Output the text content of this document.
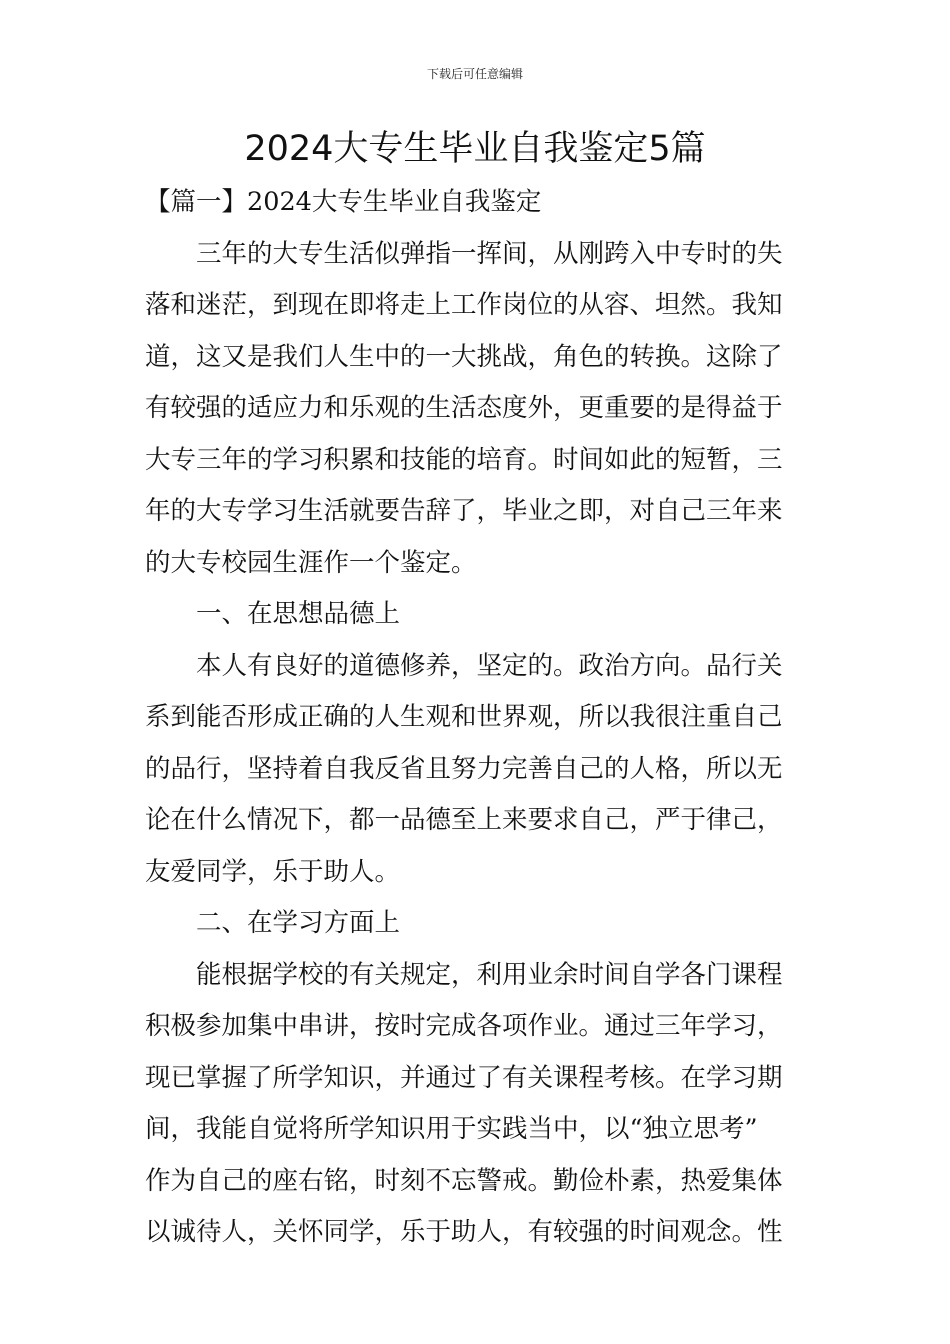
下载后可任意编辑
2024大专生毕业自我鉴定5篇
【篇一】2024大专生毕业自我鉴定
三年的大专生活似弹指一挥间，从刚跨入中专时的失
落和迷茫，到现在即将走上工作岗位的从容、坦然。我知
道，这又是我们人生中的一大挑战，角色的转换。这除了
有较强的适应力和乐观的生活态度外，更重要的是得益于
大专三年的学习积累和技能的培育。时间如此的短暂，三
年的大专学习生活就要告辞了，毕业之即，对自己三年来
的大专校园生涯作一个鉴定。
一、在思想品德上
本人有良好的道德修养，坚定的。政治方向。品行关
系到能否形成正确的人生观和世界观，所以我很注重自己
的品行，坚持着自我反省且努力完善自己的人格，所以无
论在什么情况下，都一品德至上来要求自己，严于律己，
友爱同学，乐于助人。
二、在学习方面上
能根据学校的有关规定，利用业余时间自学各门课程
积极参加集中串讲，按时完成各项作业。通过三年学习，
现已掌握了所学知识，并通过了有关课程考核。在学习期
间，我能自觉将所学知识用于实践当中，以“独立思考”
作为自己的座右铭，时刻不忘警戒。勤俭朴素，热爱集体
以诚待人，关怀同学，乐于助人，有较强的时间观念。性
